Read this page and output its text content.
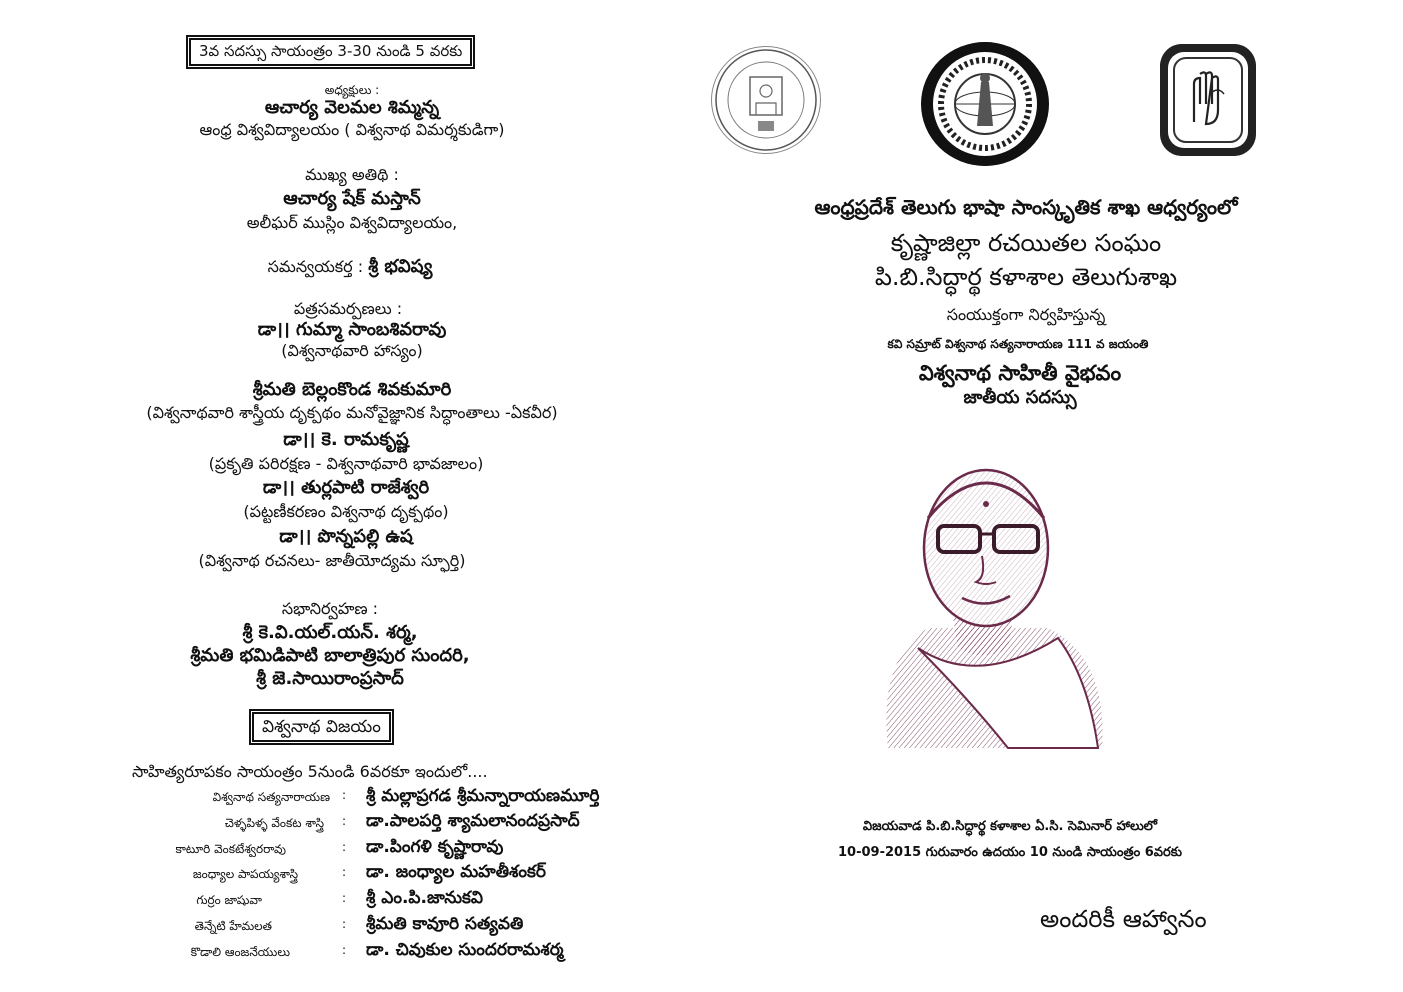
3వ సదస్సు సాయంత్రం 3-30 నుండి 5 వరకు
అధ్యక్షులు :
ఆచార్య వెలమల శిమ్మన్న
ఆంధ్ర విశ్వవిద్యాలయం ( విశ్వనాథ విమర్శకుడిగా)
ముఖ్య అతిథి :
ఆచార్య షేక్ మస్తాన్
అలీఘర్ ముస్లిం విశ్వవిద్యాలయం,
సమన్వయకర్త : శ్రీ భవిష్య
పత్రసమర్పణలు :
డా।। గుమ్మా సాంబశివరావు
(విశ్వనాథవారి హాస్యం)
శ్రీమతి బెల్లంకొండ శివకుమారి
(విశ్వనాథవారి శాస్త్రీయ దృక్పథం మనోవైజ్ఞానిక సిద్ధాంతాలు -ఏకవీర)
డా।। కె. రామకృష్ణ
(ప్రకృతి పరిరక్షణ - విశ్వనాథవారి భావజాలం)
డా।। తుర్లపాటి రాజేశ్వరి
(పట్టణీకరణం విశ్వనాథ దృక్పథం)
డా।। పొన్నపల్లి ఉష
(విశ్వనాథ రచనలు- జాతీయోద్యమ స్ఫూర్తి)
సభానిర్వహణ :
శ్రీ కె.వి.యల్.యన్. శర్మ,
శ్రీమతి భమిడిపాటి బాలాత్రిపుర సుందరి,
శ్రీ జె.సాయిరాంప్రసాద్
విశ్వనాథ విజయం
సాహిత్యరూపకం సాయంత్రం 5నుండి 6వరకూ ఇందులో....
విశ్వనాథ సత్యనారాయణ : శ్రీ మల్లాప్రగడ శ్రీమన్నారాయణమూర్తి
చెళ్ళపిళ్ళ వేంకట శాస్త్రి : డా.పాలపర్తి శ్యామలానందప్రసాద్
కాటూరి వెంకటేశ్వరరావు	: డా.పింగళి కృష్ణారావు
జంధ్యాల పాపయ్యశాస్త్రి	: డా. జంధ్యాల మహతీశంకర్
గుర్రం జాషువా	: శ్రీ ఎం.పి.జానుకవి
తెన్నేటి హేమలత	: శ్రీమతి కావూరి సత్యవతి
కొడాలి ఆంజనేయులు	: డా. చివుకుల సుందరరామశర్మ
ఆంధ్రప్రదేశ్ తెలుగు భాషా సాంస్కృతిక శాఖ ఆధ్వర్యంలో
కృష్ణాజిల్లా రచయితల సంఘం
పి.బి.సిద్ధార్థ కళాశాల తెలుగుశాఖ
సంయుక్తంగా నిర్వహిస్తున్న
కవి సమ్రాట్ విశ్వనాథ సత్యనారాయణ 111 వ జయంతి
విశ్వనాథ సాహితీ వైభవం
జాతీయ సదస్సు
విజయవాడ పి.బి.సిద్ధార్థ కళాశాల ఏ.సి. సెమినార్ హాలులో
10-09-2015 గురువారం ఉదయం 10 నుండి సాయంత్రం 6వరకు
అందరికీ ఆహ్వానం
